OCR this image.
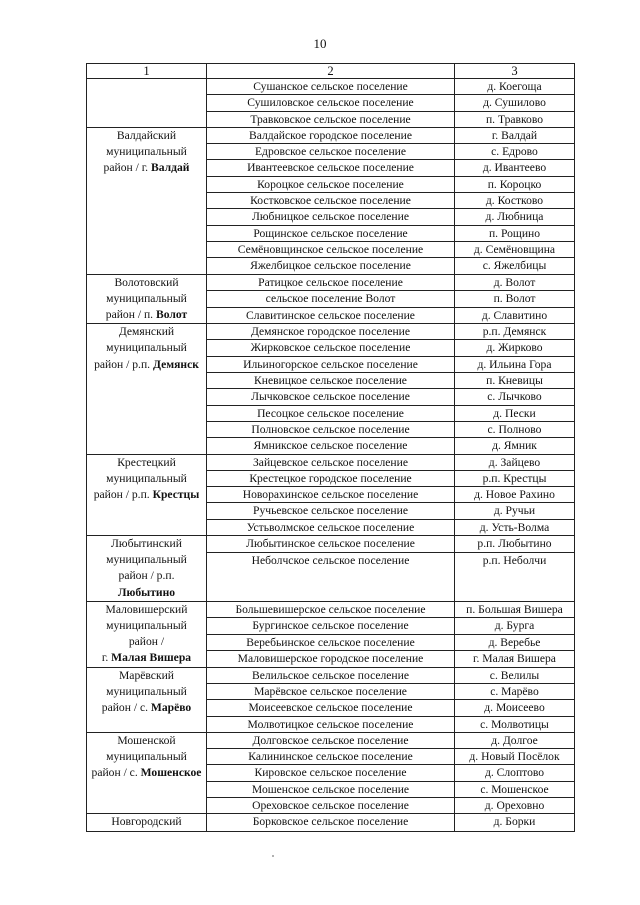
10
1	2	3
	Сушанское сельское поселение	д. Коегоща
	Сушиловское сельское поселение	д. Сушилово
	Травковское сельское поселение	п. Травково
Валдайский
муниципальный
район / г. Валдай	Валдайское городское поселение	г. Валдай
	Едровское сельское поселение	с. Едрово
	Ивантеевское сельское поселение	д. Ивантеево
	Короцкое сельское поселение	п. Короцко
	Костковское сельское поселение	д. Костково
	Любницкое сельское поселение	д. Любница
	Рощинское сельское поселение	п. Рощино
	Семёновщинское сельское поселение	д. Семёновщина
	Яжелбицкое сельское поселение	с. Яжелбицы
Волотовский
муниципальный
район / п. Волот	Ратицкое сельское поселение	д. Волот
	сельское поселение Волот	п. Волот
	Славитинское сельское поселение	д. Славитино
Демянский
муниципальный
район / р.п. Демянск	Демянское городское поселение	р.п. Демянск
	Жирковское сельское поселение	д. Жирково
	Ильиногорское сельское поселение	д. Ильина Гора
	Кневицкое сельское поселение	п. Кневицы
	Лычковское сельское поселение	с. Лычково
	Песоцкое сельское поселение	д. Пески
	Полновское сельское поселение	с. Полново
	Ямникское сельское поселение	д. Ямник
Крестецкий
муниципальный
район / р.п. Крестцы	Зайцевское сельское поселение	д. Зайцево
	Крестецкое городское поселение	р.п. Крестцы
	Новорахинское сельское поселение	д. Новое Рахино
	Ручьевское сельское поселение	д. Ручьи
	Устьволмское сельское поселение	д. Усть-Волма
Любытинский
муниципальный
район / р.п. Любытино	Любытинское сельское поселение	р.п. Любытино
	Неболчское сельское поселение	р.п. Неболчи
Маловишерский
муниципальный
район /
г. Малая Вишера	Большевишерское сельское поселение	п. Большая Вишера
	Бургинское сельское поселение	д. Бурга
	Веребьинское сельское поселение	д. Веребье
	Маловишерское городское поселение	г. Малая Вишера
Марёвский
муниципальный
район / с. Марёво	Велильское сельское поселение	с. Велилы
	Марёвское сельское поселение	с. Марёво
	Моисеевское сельское поселение	д. Моисеево
	Молвотицкое сельское поселение	с. Молвотицы
Мошенской
муниципальный
район / с. Мошенское	Долговское сельское поселение	д. Долгое
	Калининское сельское поселение	д. Новый Посёлок
	Кировское сельское поселение	д. Слоптово
	Мошенское сельское поселение	с. Мошенское
	Ореховское сельское поселение	д. Ореховно
Новгородский	Борковское сельское поселение	д. Борки
